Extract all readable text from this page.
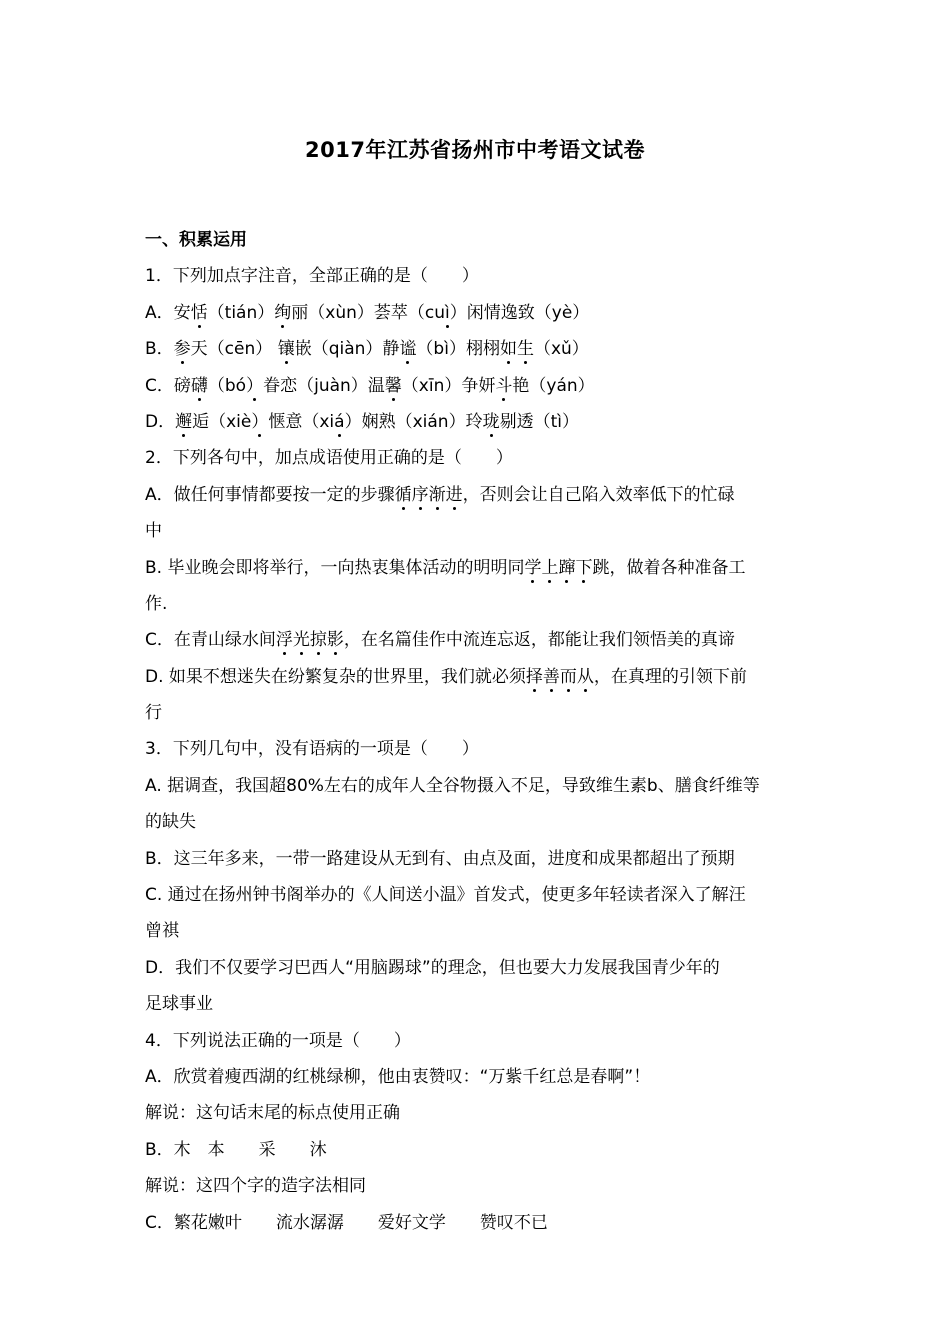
2017年江苏省扬州市中考语文试卷
一、积累运用
1．下列加点字注音，全部正确的是（　　）
A．安恬（tián）绚丽（xùn）荟萃（cuì）闲情逸致（yè）
B．参天（cēn） 镶嵌（qiàn）静谧（bì）栩栩如生（xǔ）
C．磅礴（bó）眷恋（juàn）温馨（xīn）争妍斗艳（yán）
D．邂逅（xiè）惬意（xiá）娴熟（xián）玲珑剔透（tì）
2．下列各句中，加点成语使用正确的是（　　）
A．做任何事情都要按一定的步骤循序渐进，否则会让自己陷入效率低下的忙碌
中
B. 毕业晚会即将举行，一向热衷集体活动的明明同学上蹿下跳，做着各种准备工
作.
C．在青山绿水间浮光掠影，在名篇佳作中流连忘返，都能让我们领悟美的真谛
D. 如果不想迷失在纷繁复杂的世界里，我们就必须择善而从，在真理的引领下前
行
3．下列几句中，没有语病的一项是（　　）
A. 据调查，我国超80%左右的成年人全谷物摄入不足，导致维生素b、膳食纤维等
的缺失
B．这三年多来，一带一路建设从无到有、由点及面，进度和成果都超出了预期
C. 通过在扬州钟书阁举办的《人间送小温》首发式，使更多年轻读者深入了解汪
曾祺
D．我们不仅要学习巴西人“用脑踢球”的理念，但也要大力发展我国青少年的
足球事业
4．下列说法正确的一项是（　　）
A．欣赏着瘦西湖的红桃绿柳，他由衷赞叹：“万紫千红总是春啊”！
解说：这句话末尾的标点使用正确
B．木　本　　采　　沐
解说：这四个字的造字法相同
C．繁花嫩叶　　流水潺潺　　爱好文学　　赞叹不已
